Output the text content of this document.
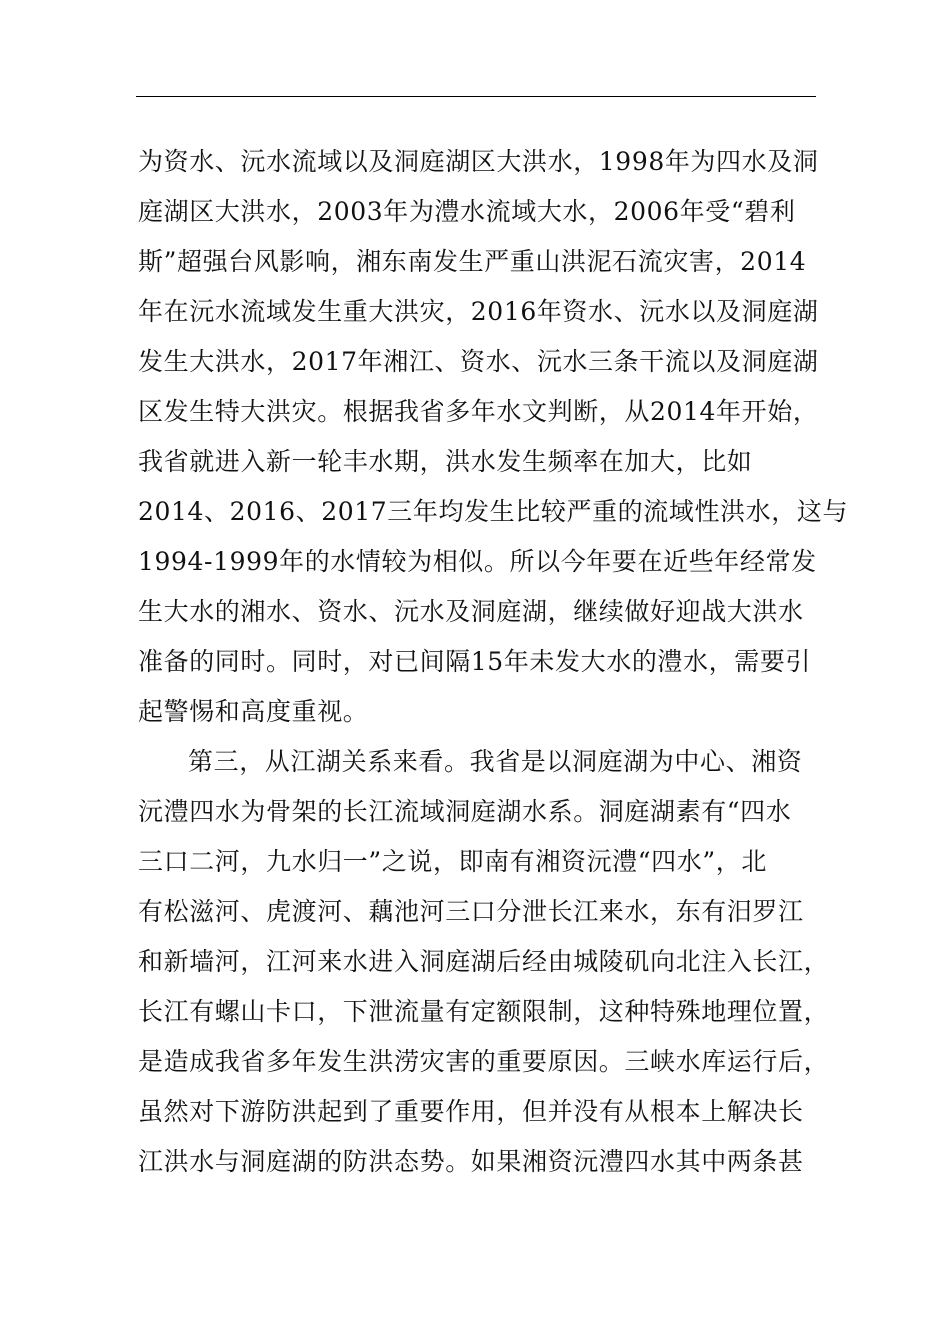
为资水、沅水流域以及洞庭湖区大洪水，1998年为四水及洞
庭湖区大洪水，2003年为澧水流域大水，2006年受“碧利
斯”超强台风影响，湘东南发生严重山洪泥石流灾害，2014
年在沅水流域发生重大洪灾，2016年资水、沅水以及洞庭湖
发生大洪水，2017年湘江、资水、沅水三条干流以及洞庭湖
区发生特大洪灾。根据我省多年水文判断，从2014年开始，
我省就进入新一轮丰水期，洪水发生频率在加大，比如
2014、2016、2017三年均发生比较严重的流域性洪水，这与
1994-1999年的水情较为相似。所以今年要在近些年经常发
生大水的湘水、资水、沅水及洞庭湖，继续做好迎战大洪水
准备的同时。同时，对已间隔15年未发大水的澧水，需要引
起警惕和高度重视。
第三，从江湖关系来看。我省是以洞庭湖为中心、湘资
沅澧四水为骨架的长江流域洞庭湖水系。洞庭湖素有“四水
三口二河，九水归一”之说，即南有湘资沅澧“四水”，北
有松滋河、虎渡河、藕池河三口分泄长江来水，东有汨罗江
和新墙河，江河来水进入洞庭湖后经由城陵矶向北注入长江，
长江有螺山卡口，下泄流量有定额限制，这种特殊地理位置，
是造成我省多年发生洪涝灾害的重要原因。三峡水库运行后，
虽然对下游防洪起到了重要作用，但并没有从根本上解决长
江洪水与洞庭湖的防洪态势。如果湘资沅澧四水其中两条甚
